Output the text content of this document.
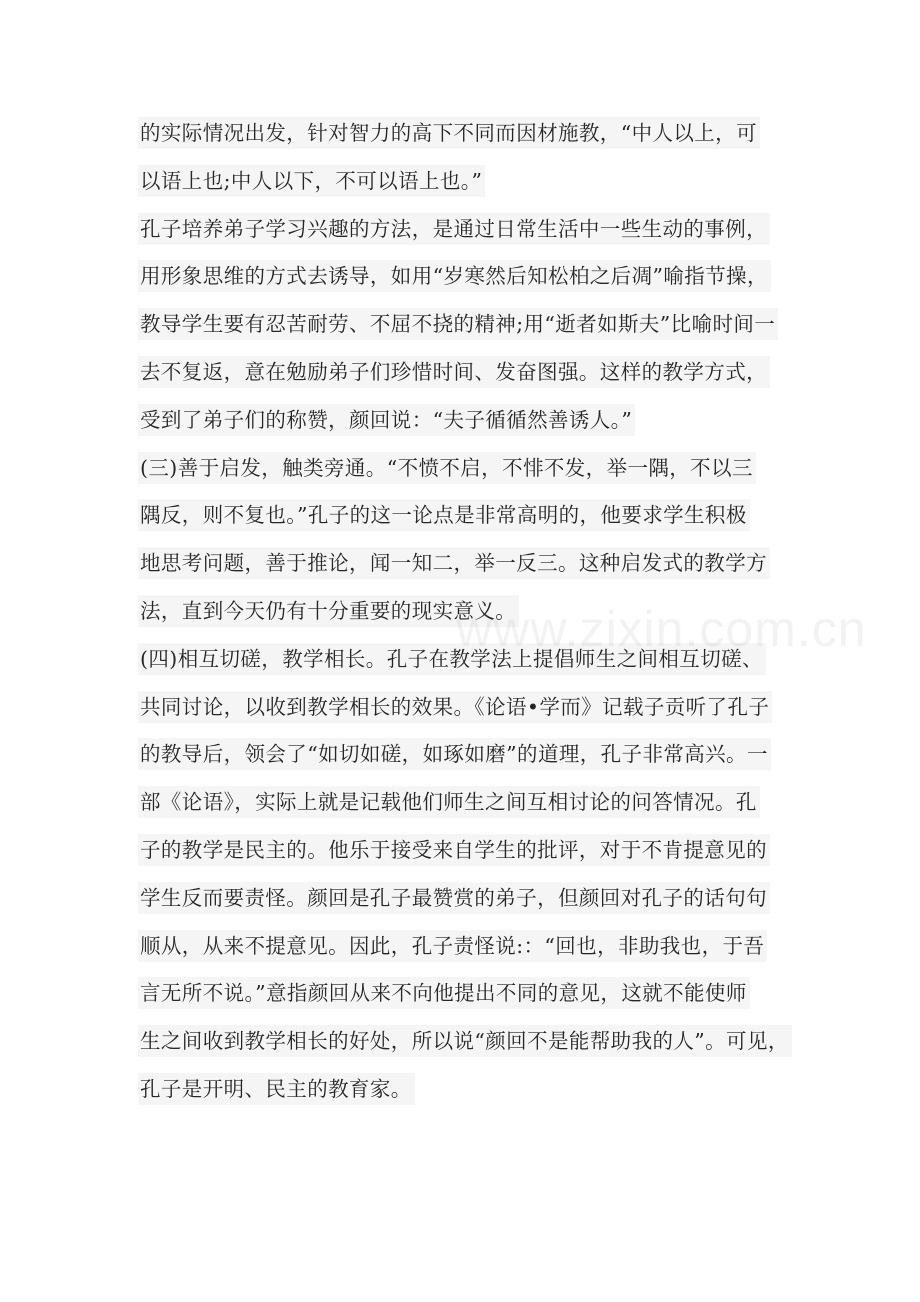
的实际情况出发，针对智力的高下不同而因材施教，“中人以上，可
以语上也;中人以下，不可以语上也。”
孔子培养弟子学习兴趣的方法，是通过日常生活中一些生动的事例，
用形象思维的方式去诱导，如用“岁寒然后知松柏之后凋”喻指节操，
教导学生要有忍苦耐劳、不屈不挠的精神;用“逝者如斯夫”比喻时间一
去不复返，意在勉励弟子们珍惜时间、发奋图强。这样的教学方式，
受到了弟子们的称赞，颜回说：“夫子循循然善诱人。”
(三)善于启发，触类旁通。“不愤不启，不悱不发，举一隅，不以三
隅反，则不复也。”孔子的这一论点是非常高明的，他要求学生积极
地思考问题，善于推论，闻一知二，举一反三。这种启发式的教学方
法，直到今天仍有十分重要的现实意义。
(四)相互切磋，教学相长。孔子在教学法上提倡师生之间相互切磋、
共同讨论，以收到教学相长的效果。《论语•学而》记载子贡听了孔子
的教导后，领会了“如切如磋，如琢如磨”的道理，孔子非常高兴。一
部《论语》，实际上就是记载他们师生之间互相讨论的问答情况。孔
子的教学是民主的。他乐于接受来自学生的批评，对于不肯提意见的
学生反而要责怪。颜回是孔子最赞赏的弟子，但颜回对孔子的话句句
顺从，从来不提意见。因此，孔子责怪说:：“回也，非助我也，于吾
言无所不说。”意指颜回从来不向他提出不同的意见，这就不能使师
生之间收到教学相长的好处，所以说“颜回不是能帮助我的人”。可见，
孔子是开明、民主的教育家。
www.zixin.com.cn
